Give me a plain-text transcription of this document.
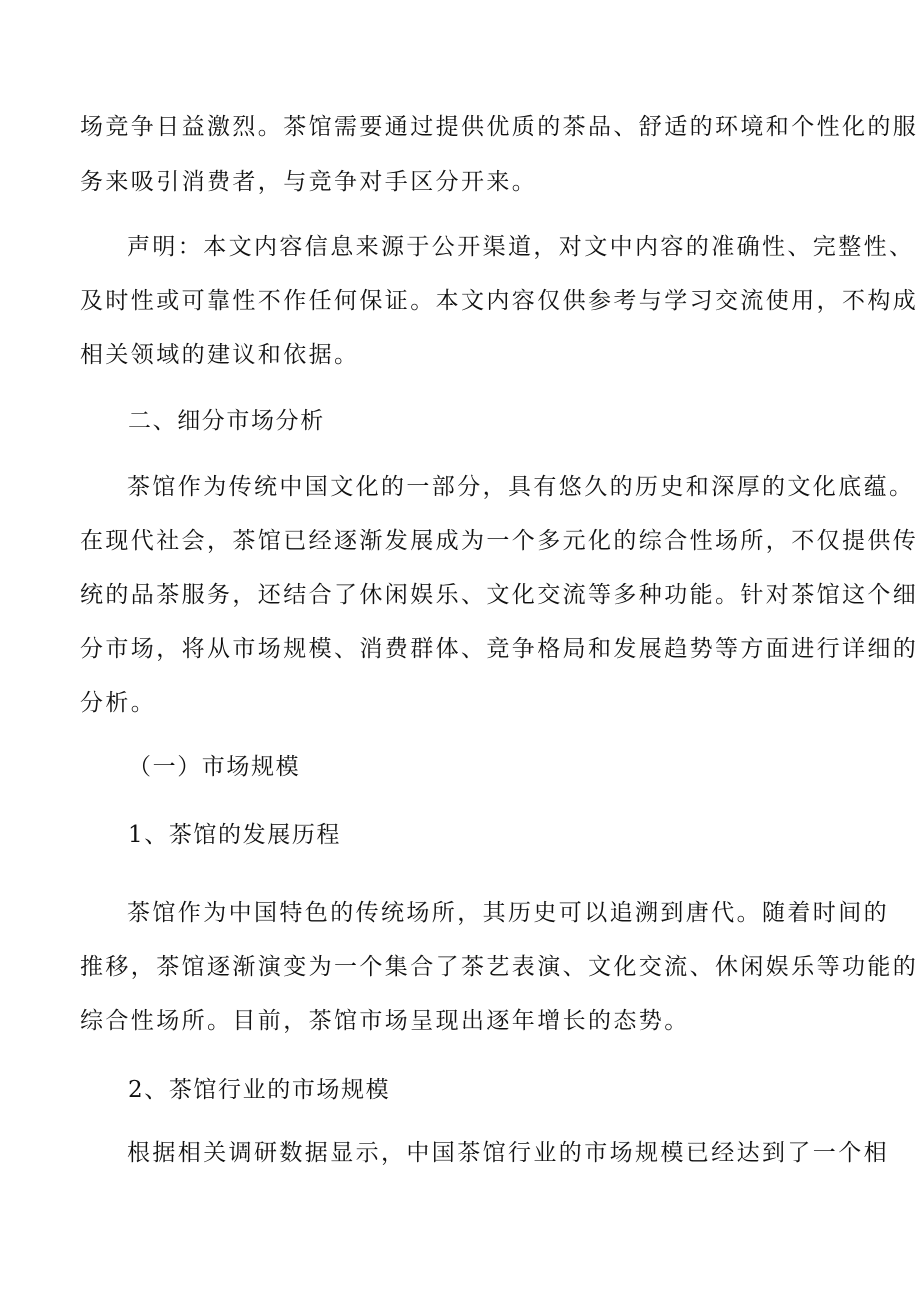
场竞争日益激烈。茶馆需要通过提供优质的茶品、舒适的环境和个性化的服
务来吸引消费者，与竞争对手区分开来。
声明：本文内容信息来源于公开渠道，对文中内容的准确性、完整性、
及时性或可靠性不作任何保证。本文内容仅供参考与学习交流使用，不构成
相关领域的建议和依据。
二、细分市场分析
茶馆作为传统中国文化的一部分，具有悠久的历史和深厚的文化底蕴。
在现代社会，茶馆已经逐渐发展成为一个多元化的综合性场所，不仅提供传
统的品茶服务，还结合了休闲娱乐、文化交流等多种功能。针对茶馆这个细
分市场，将从市场规模、消费群体、竞争格局和发展趋势等方面进行详细的
分析。
（一）市场规模
1、茶馆的发展历程
茶馆作为中国特色的传统场所，其历史可以追溯到唐代。随着时间的
推移，茶馆逐渐演变为一个集合了茶艺表演、文化交流、休闲娱乐等功能的
综合性场所。目前，茶馆市场呈现出逐年增长的态势。
2、茶馆行业的市场规模
根据相关调研数据显示，中国茶馆行业的市场规模已经达到了一个相
